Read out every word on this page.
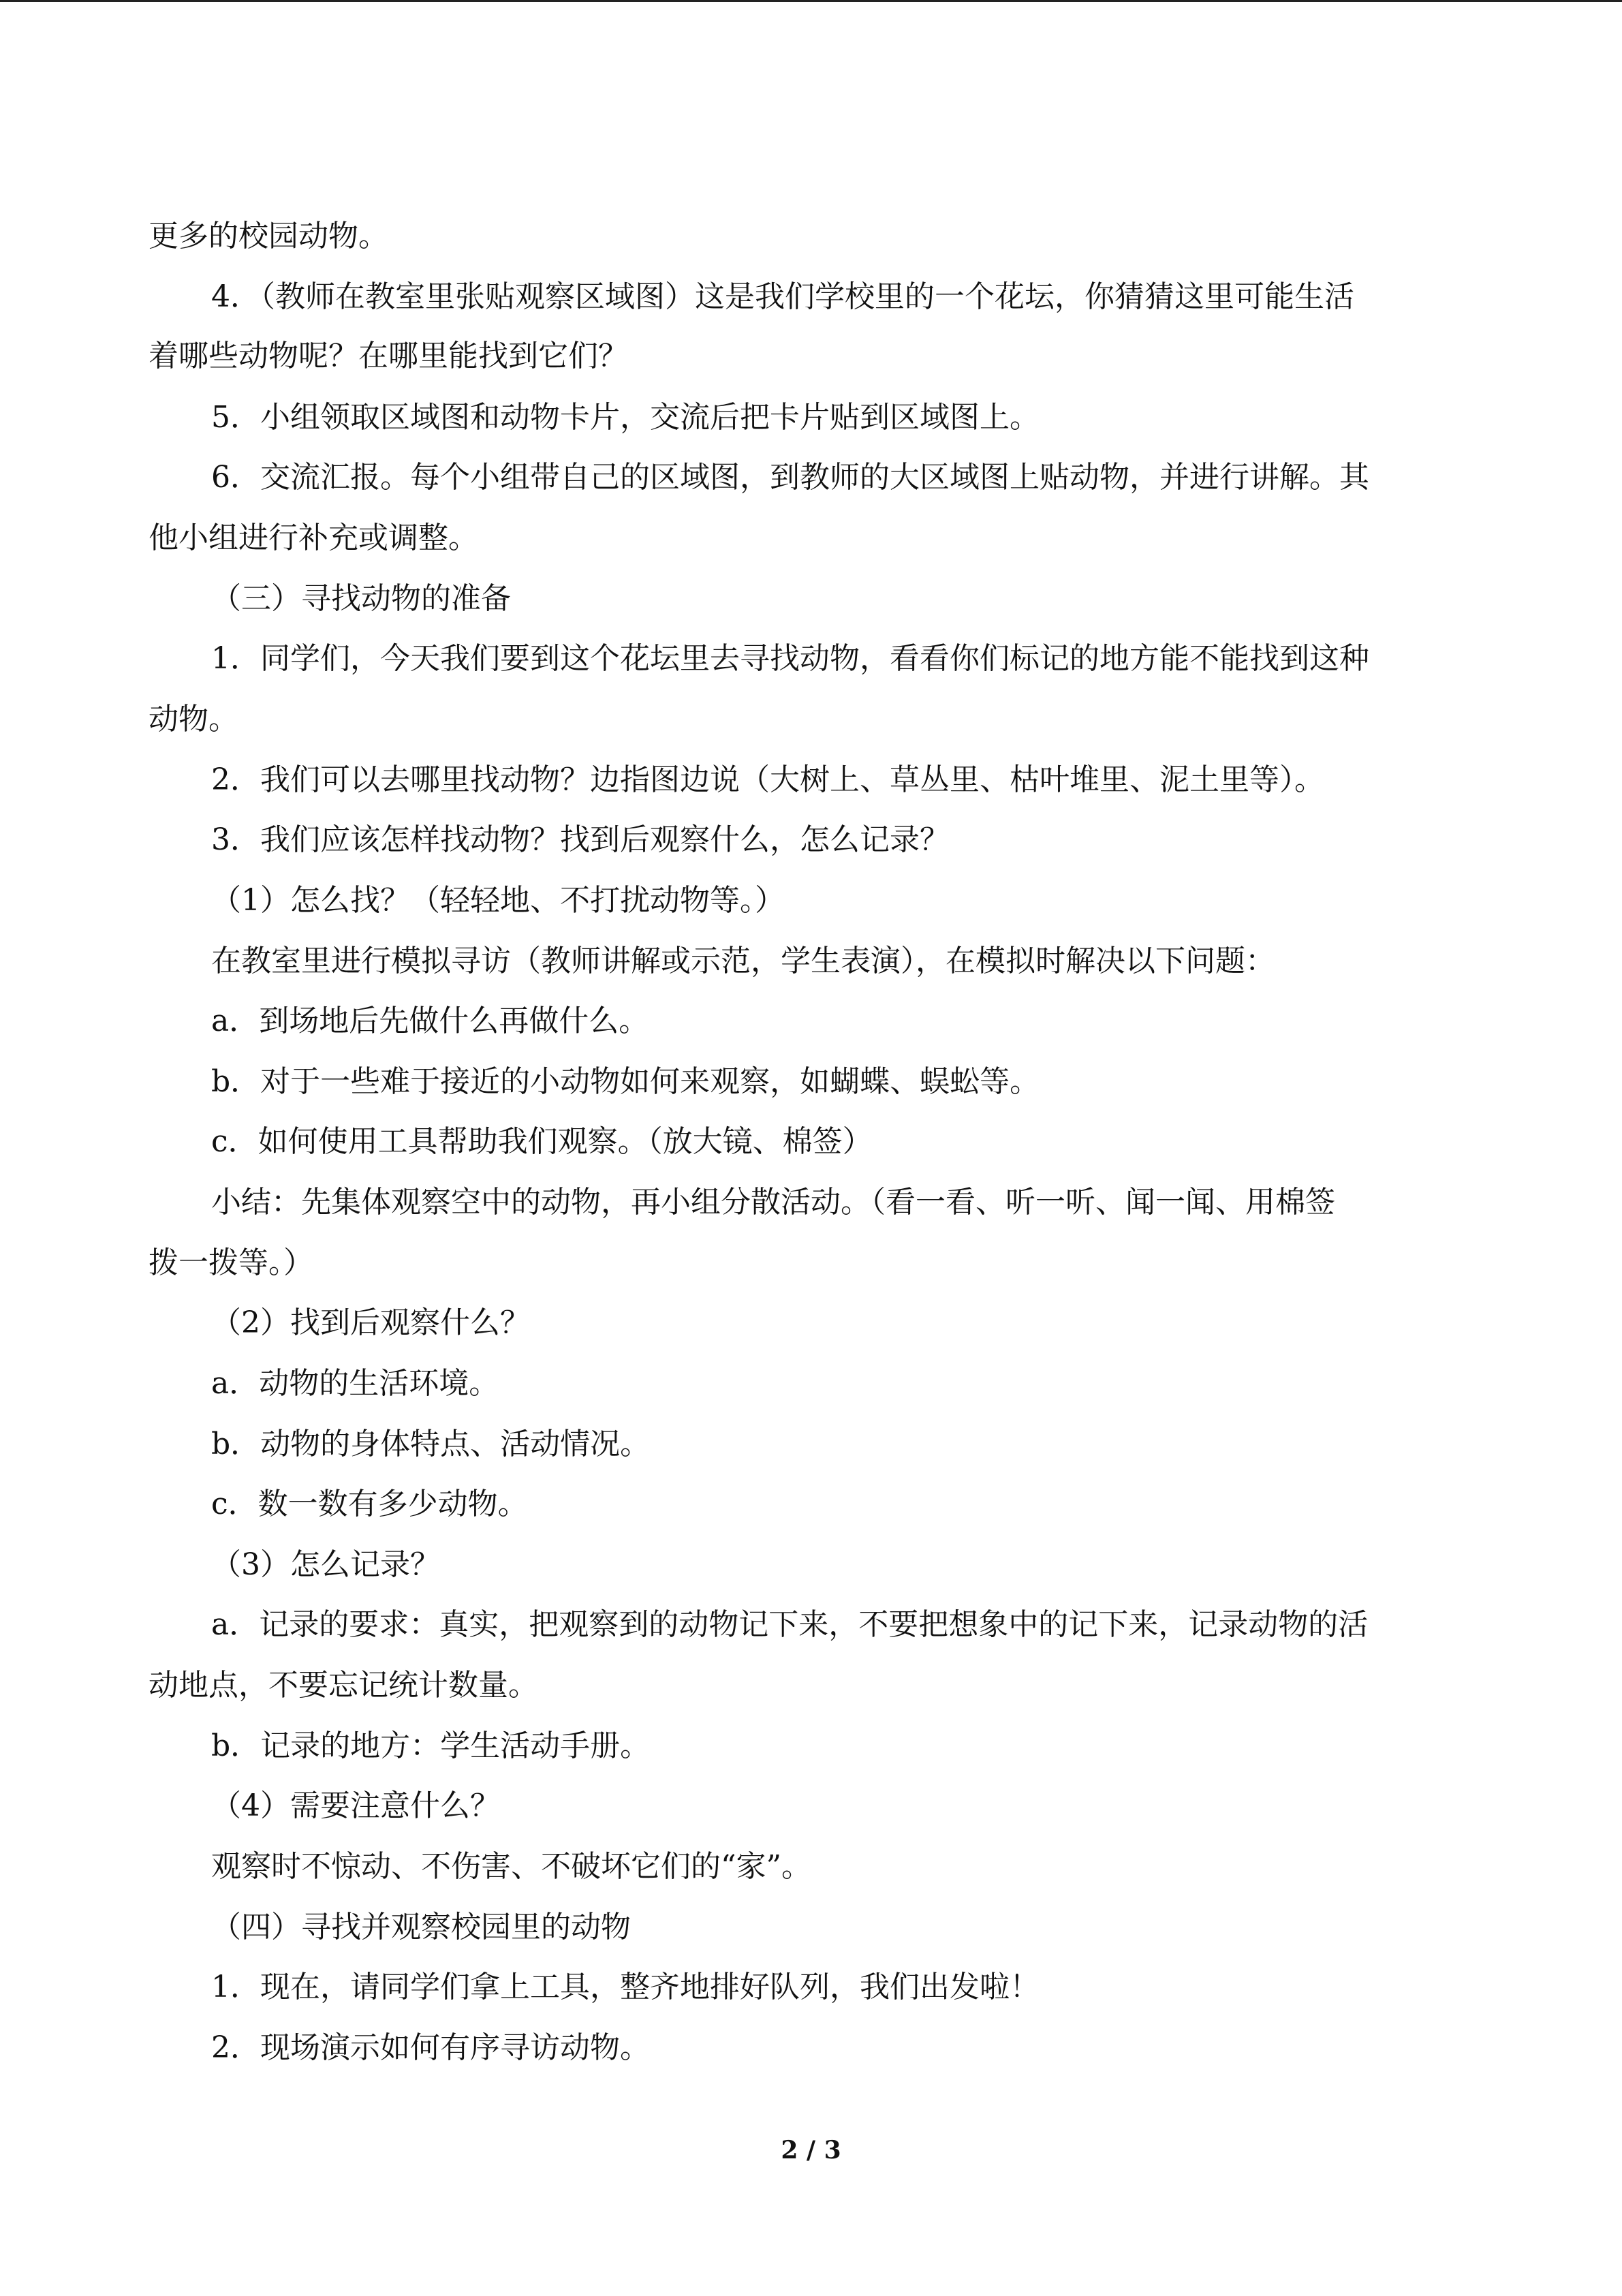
更多的校园动物。
4．（教师在教室里张贴观察区域图）这是我们学校里的一个花坛，你猜猜这里可能生活
着哪些动物呢？在哪里能找到它们？
5．小组领取区域图和动物卡片，交流后把卡片贴到区域图上。
6．交流汇报。每个小组带自己的区域图，到教师的大区域图上贴动物，并进行讲解。其
他小组进行补充或调整。
（三）寻找动物的准备
1．同学们，今天我们要到这个花坛里去寻找动物，看看你们标记的地方能不能找到这种
动物。
2．我们可以去哪里找动物？边指图边说（大树上、草丛里、枯叶堆里、泥土里等）。
3．我们应该怎样找动物？找到后观察什么，怎么记录？
（1）怎么找？（轻轻地、不打扰动物等。）
在教室里进行模拟寻访（教师讲解或示范，学生表演），在模拟时解决以下问题：
a．到场地后先做什么再做什么。
b．对于一些难于接近的小动物如何来观察，如蝴蝶、蜈蚣等。
c．如何使用工具帮助我们观察。（放大镜、棉签）
小结：先集体观察空中的动物，再小组分散活动。（看一看、听一听、闻一闻、用棉签
拨一拨等。）
（2）找到后观察什么？
a．动物的生活环境。
b．动物的身体特点、活动情况。
c．数一数有多少动物。
（3）怎么记录？
a．记录的要求：真实，把观察到的动物记下来，不要把想象中的记下来，记录动物的活
动地点，不要忘记统计数量。
b．记录的地方：学生活动手册。
（4）需要注意什么？
观察时不惊动、不伤害、不破坏它们的“家”。
（四）寻找并观察校园里的动物
1．现在，请同学们拿上工具，整齐地排好队列，我们出发啦！
2．现场演示如何有序寻访动物。
2 / 3
